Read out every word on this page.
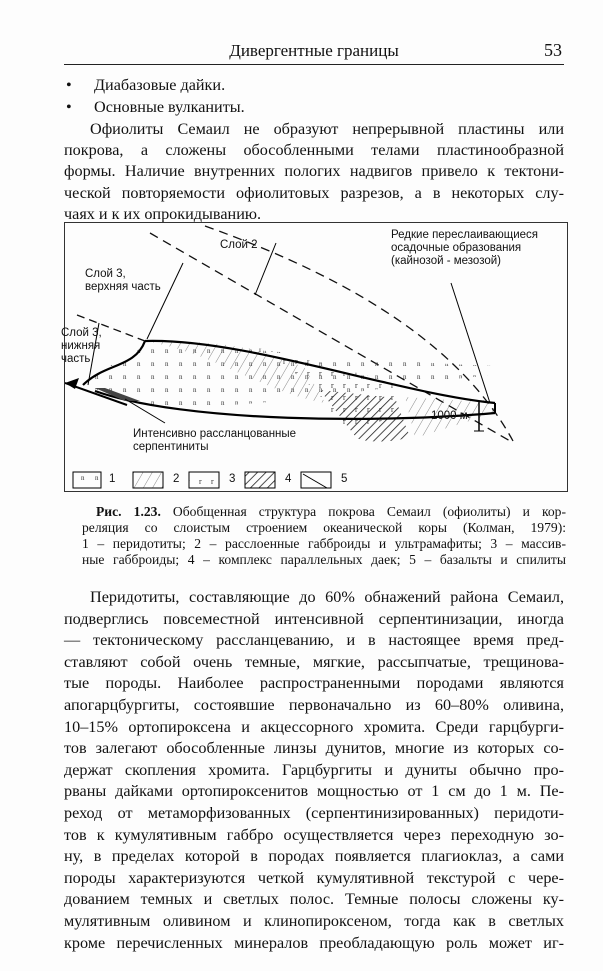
Дивергентные границы	53
• Диабазовые дайки.
• Основные вулканиты.
Офиолиты Семаил не образуют непрерывной пластины или
покрова, а сложены обособленными телами пластинообразной
формы. Наличие внутренних пологих надвигов привело к тектони-
ческой повторяемости офиолитовых разрезов, а в некоторых слу-
чаях и к их опрокидыванию.
Слой 2
Слой 3,
верхняя часть
Слой 3,
нижняя
часть
Редкие переслаивающиеся
осадочные образования
(кайнозой - мезозой)
Интенсивно рассланцованные
серпентиниты
1000 м
1	2	3	4	5
Рис. 1.23. Обобщенная структура покрова Семаил (офиолиты) и кор-
реляция со слоистым строением океанической коры (Колман, 1979):
1 – перидотиты; 2 – расслоенные габброиды и ультрамафиты; 3 – массив-
ные габброиды; 4 – комплекс параллельных даек; 5 – базальты и спилиты
Перидотиты, составляющие до 60% обнажений района Семаил,
подверглись повсеместной интенсивной серпентинизации, иногда
— тектоническому рассланцеванию, и в настоящее время пред-
ставляют собой очень темные, мягкие, рассыпчатые, трещинова-
тые породы. Наиболее распространенными породами являются
апогарцбургиты, состоявшие первоначально из 60–80% оливина,
10–15% ортопироксена и акцессорного хромита. Среди гарцбурги-
тов залегают обособленные линзы дунитов, многие из которых со-
держат скопления хромита. Гарцбургиты и дуниты обычно про-
рваны дайками ортопироксенитов мощностью от 1 см до 1 м. Пе-
реход от метаморфизованных (серпентинизированных) перидоти-
тов к кумулятивным габбро осуществляется через переходную зо-
ну, в пределах которой в породах появляется плагиоклаз, а сами
породы характеризуются четкой кумулятивной текстурой с чере-
дованием темных и светлых полос. Темные полосы сложены ку-
мулятивным оливином и клинопироксеном, тогда как в светлых
кроме перечисленных минералов преобладающую роль может иг-
